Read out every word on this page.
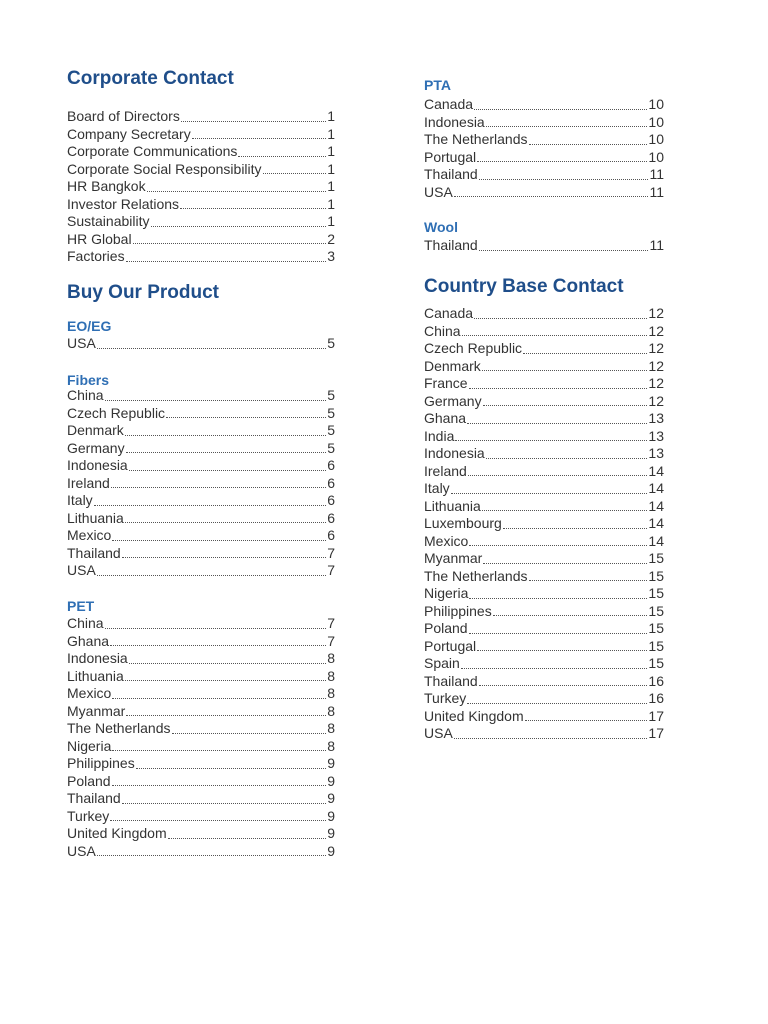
Corporate Contact
Board of Directors	1
Company Secretary	1
Corporate Communications	1
Corporate Social Responsibility	1
HR Bangkok	1
Investor Relations	1
Sustainability	1
HR Global	2
Factories	3
Buy Our Product
EO/EG
USA	5
Fibers
China	5
Czech Republic	5
Denmark	5
Germany	5
Indonesia	6
Ireland	6
Italy	6
Lithuania	6
Mexico	6
Thailand	7
USA	7
PET
China	7
Ghana	7
Indonesia	8
Lithuania	8
Mexico	8
Myanmar	8
The Netherlands	8
Nigeria	8
Philippines	9
Poland	9
Thailand	9
Turkey	9
United Kingdom	9
USA	9
PTA
Canada	10
Indonesia	10
The Netherlands	10
Portugal	10
Thailand	11
USA	11
Wool
Thailand	11
Country Base Contact
Canada	12
China	12
Czech Republic	12
Denmark	12
France	12
Germany	12
Ghana	13
India	13
Indonesia	13
Ireland	14
Italy	14
Lithuania	14
Luxembourg	14
Mexico	14
Myanmar	15
The Netherlands	15
Nigeria	15
Philippines	15
Poland	15
Portugal	15
Spain	15
Thailand	16
Turkey	16
United Kingdom	17
USA	17
